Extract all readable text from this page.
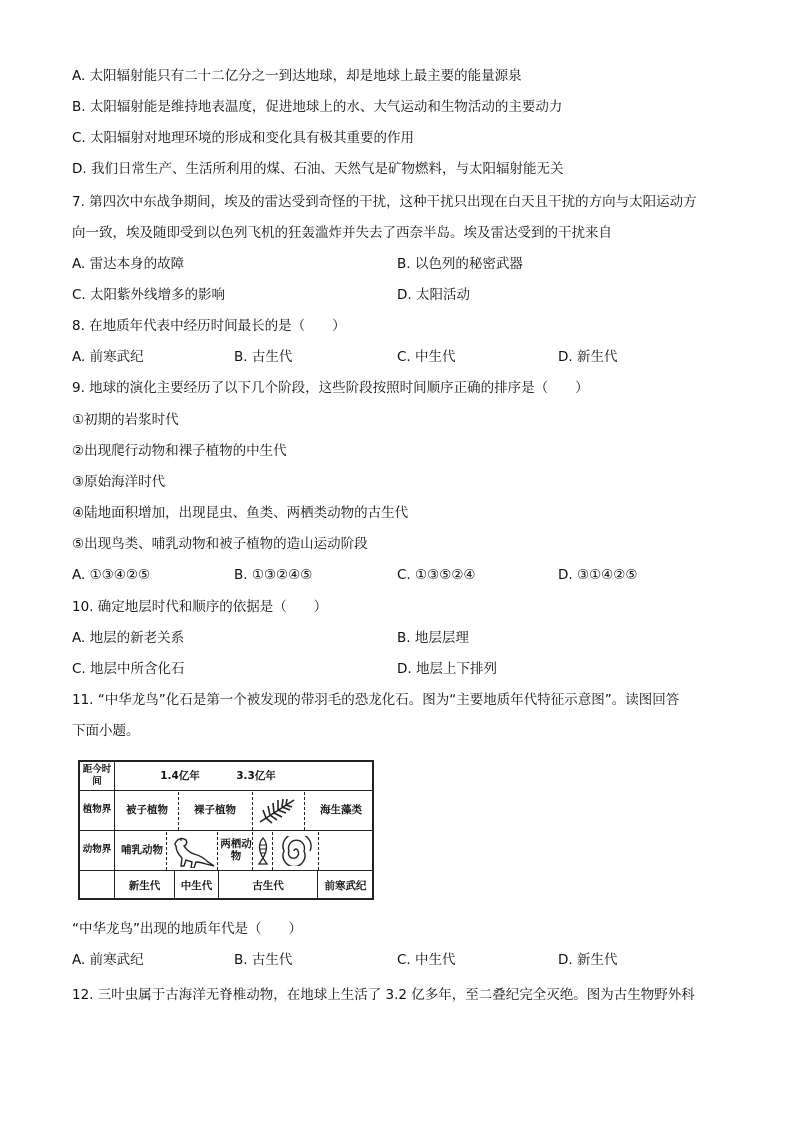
A. 太阳辐射能只有二十二亿分之一到达地球，却是地球上最主要的能量源泉
B. 太阳辐射能是维持地表温度，促进地球上的水、大气运动和生物活动的主要动力
C. 太阳辐射对地理环境的形成和变化具有极其重要的作用
D. 我们日常生产、生活所利用的煤、石油、天然气是矿物燃料，与太阳辐射能无关
7. 第四次中东战争期间，埃及的雷达受到奇怪的干扰，这种干扰只出现在白天且干扰的方向与太阳运动方
向一致，埃及随即受到以色列飞机的狂轰滥炸并失去了西奈半岛。埃及雷达受到的干扰来自
A. 雷达本身的故障	B. 以色列的秘密武器
C. 太阳紫外线增多的影响	D. 太阳活动
8. 在地质年代表中经历时间最长的是（　　）
A. 前寒武纪	B. 古生代	C. 中生代	D. 新生代
9. 地球的演化主要经历了以下几个阶段，这些阶段按照时间顺序正确的排序是（　　）
①初期的岩浆时代
②出现爬行动物和裸子植物的中生代
③原始海洋时代
④陆地面积增加，出现昆虫、鱼类、两栖类动物的古生代
⑤出现鸟类、哺乳动物和被子植物的造山运动阶段
A. ①③④②⑤	B. ①③②④⑤	C. ①③⑤②④	D. ③①④②⑤
10. 确定地层时代和顺序的依据是（　　）
A. 地层的新老关系	B. 地层层理
C. 地层中所含化石	D. 地层上下排列
11. “中华龙鸟”化石是第一个被发现的带羽毛的恐龙化石。图为“主要地质年代特征示意图”。读图回答
下面小题。
距今时间	1.4亿年	3.3亿年
植物界	被子植物	裸子植物	海生藻类
动物界 哺乳动物	两栖动物
新生代	中生代	古生代	前寒武纪
“中华龙鸟”出现的地质年代是（　　）
A. 前寒武纪	B. 古生代	C. 中生代	D. 新生代
12. 三叶虫属于古海洋无脊椎动物，在地球上生活了 3.2 亿多年，至二叠纪完全灭绝。图为古生物野外科
